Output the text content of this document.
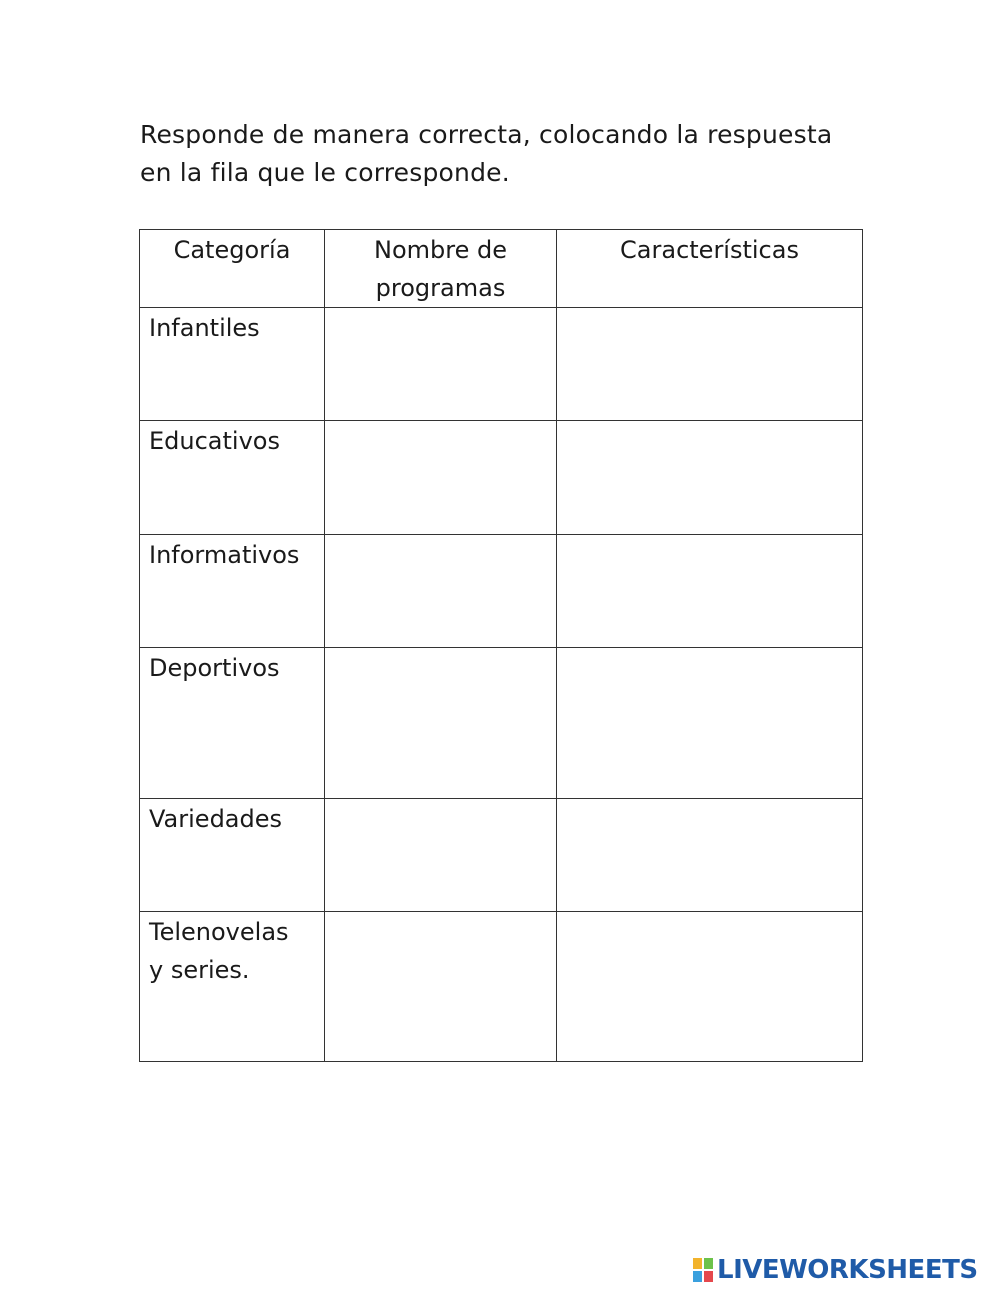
Responde de manera correcta, colocando la respuesta en la fila que le corresponde.

Categoría	Nombre de programas	Características

Infantiles		
Educativos		
Informativos		
Deportivos		
Variedades		

Telenovelas y series.		

LIVEWORKSHEETS
